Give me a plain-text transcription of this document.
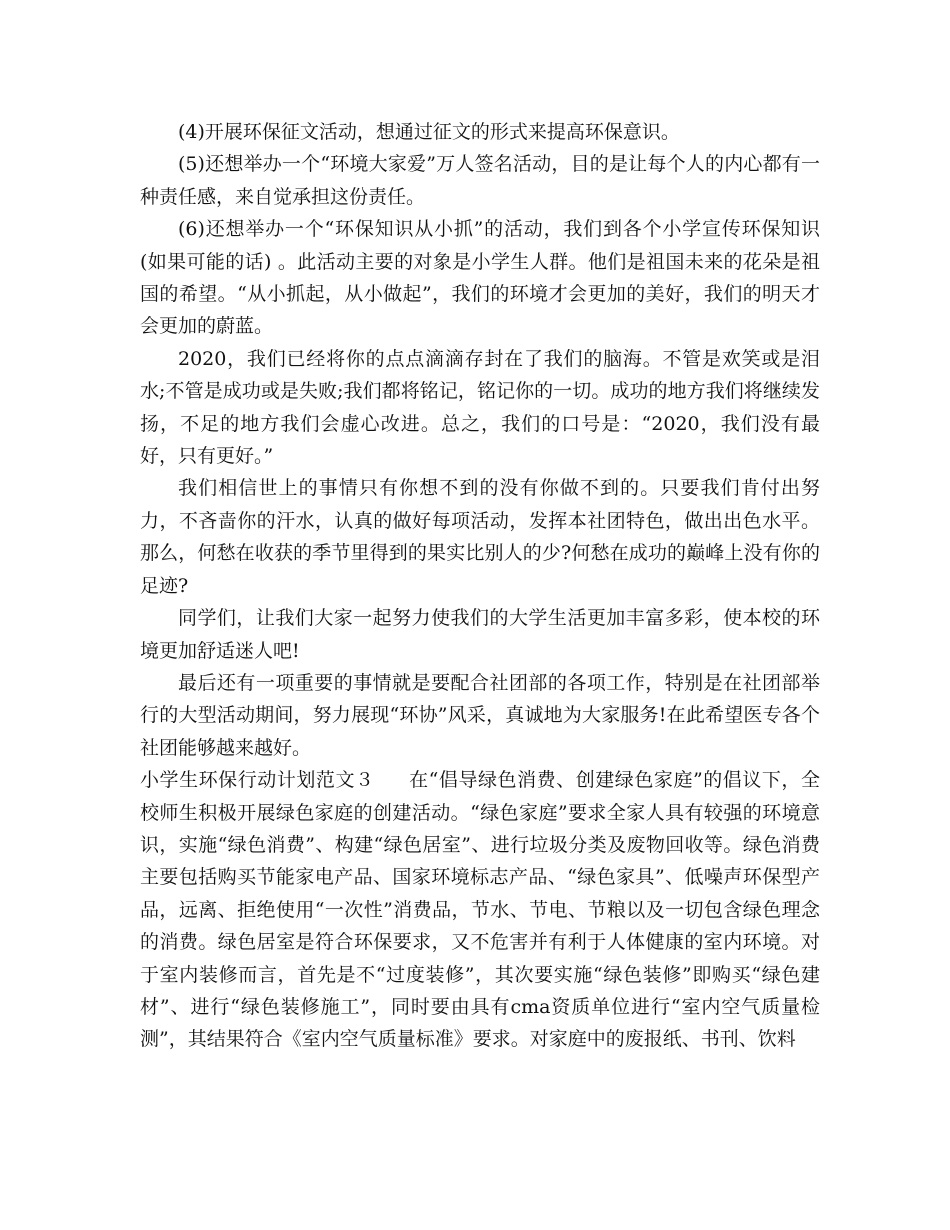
(4)开展环保征文活动，想通过征文的形式来提高环保意识。

(5)还想举办一个“环境大家爱”万人签名活动，目的是让每个人的内心都有一种责任感，来自觉承担这份责任。

(6)还想举办一个“环保知识从小抓”的活动，我们到各个小学宣传环保知识(如果可能的话) 。此活动主要的对象是小学生人群。他们是祖国未来的花朵是祖国的希望。“从小抓起，从小做起”，我们的环境才会更加的美好，我们的明天才会更加的蔚蓝。

2020，我们已经将你的点点滴滴存封在了我们的脑海。不管是欢笑或是泪水;不管是成功或是失败;我们都将铭记，铭记你的一切。成功的地方我们将继续发扬，不足的地方我们会虚心改进。总之，我们的口号是：“2020，我们没有最好，只有更好。”

我们相信世上的事情只有你想不到的没有你做不到的。只要我们肯付出努力，不吝啬你的汗水，认真的做好每项活动，发挥本社团特色，做出出色水平。那么，何愁在收获的季节里得到的果实比别人的少?何愁在成功的巅峰上没有你的足迹?

同学们，让我们大家一起努力使我们的大学生活更加丰富多彩，使本校的环境更加舒适迷人吧!

最后还有一项重要的事情就是要配合社团部的各项工作，特别是在社团部举行的大型活动期间，努力展现“环协”风采，真诚地为大家服务!在此希望医专各个社团能够越来越好。

小学生环保行动计划范文３ 在“倡导绿色消费、创建绿色家庭”的倡议下，全校师生积极开展绿色家庭的创建活动。“绿色家庭”要求全家人具有较强的环境意识，实施“绿色消费”、构建“绿色居室”、进行垃圾分类及废物回收等。绿色消费主要包括购买节能家电产品、国家环境标志产品、“绿色家具”、低噪声环保型产品，远离、拒绝使用“一次性”消费品，节水、节电、节粮以及一切包含绿色理念的消费。绿色居室是符合环保要求，又不危害并有利于人体健康的室内环境。对于室内装修而言，首先是不“过度装修”，其次要实施“绿色装修”即购买“绿色建材”、进行“绿色装修施工”，同时要由具有cma资质单位进行“室内空气质量检测”，其结果符合《室内空气质量标准》要求。对家庭中的废报纸、书刊、饮料
